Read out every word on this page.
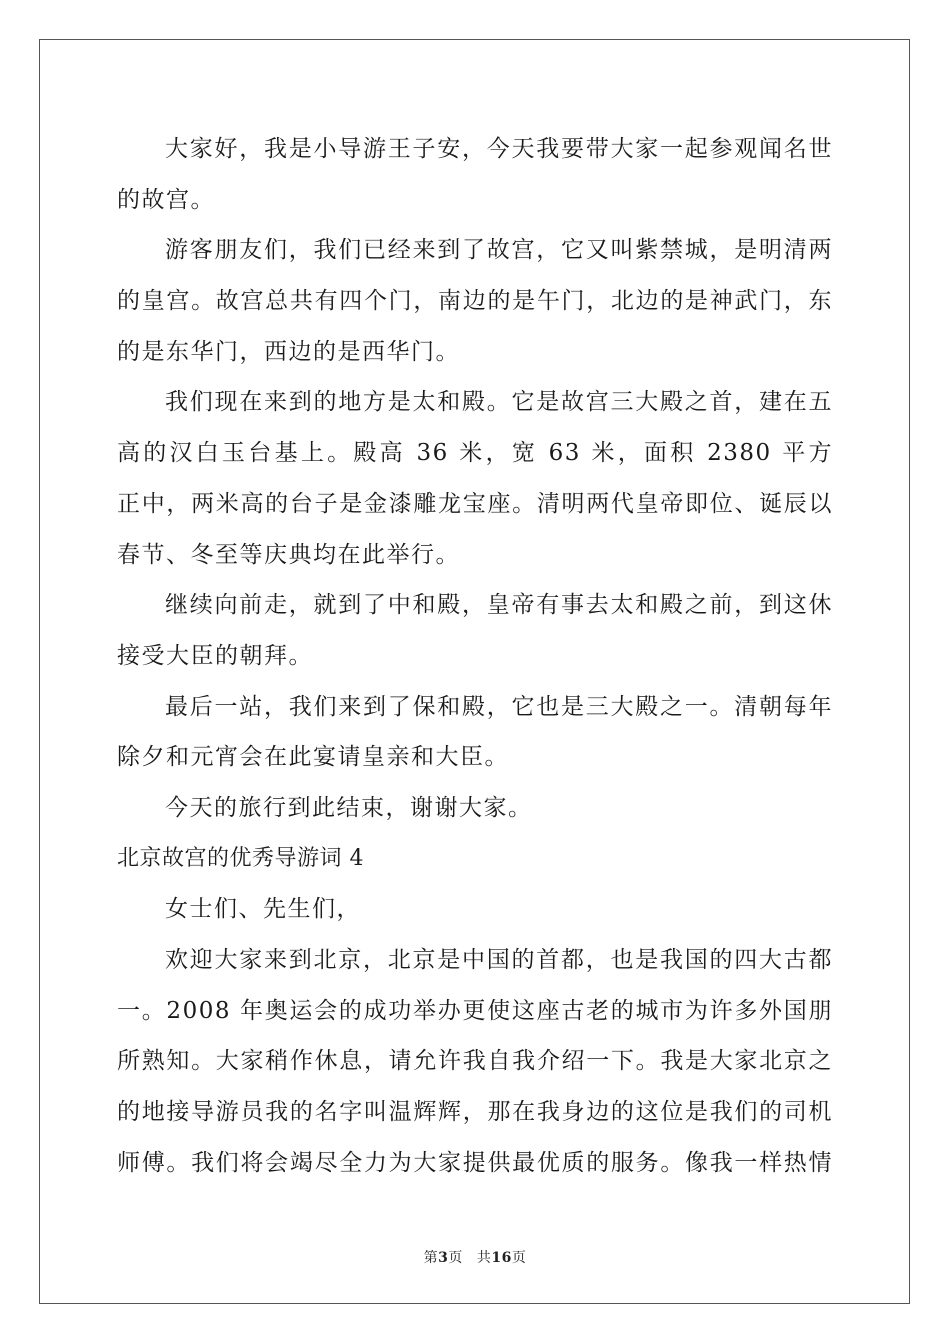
大家好，我是小导游王子安，今天我要带大家一起参观闻名世
的故宫。
游客朋友们，我们已经来到了故宫，它又叫紫禁城，是明清两
的皇宫。故宫总共有四个门，南边的是午门，北边的是神武门，东
的是东华门，西边的是西华门。
我们现在来到的地方是太和殿。它是故宫三大殿之首，建在五
高的汉白玉台基上。殿高 36 米，宽 63 米，面积 2380 平方
正中，两米高的台子是金漆雕龙宝座。清明两代皇帝即位、诞辰以
春节、冬至等庆典均在此举行。
继续向前走，就到了中和殿，皇帝有事去太和殿之前，到这休
接受大臣的朝拜。
最后一站，我们来到了保和殿，它也是三大殿之一。清朝每年
除夕和元宵会在此宴请皇亲和大臣。
今天的旅行到此结束，谢谢大家。
北京故宫的优秀导游词 4
女士们、先生们，
欢迎大家来到北京，北京是中国的首都，也是我国的四大古都
一。2008 年奥运会的成功举办更使这座古老的城市为许多外国朋
所熟知。大家稍作休息，请允许我自我介绍一下。我是大家北京之
的地接导游员我的名字叫温辉辉，那在我身边的这位是我们的司机
师傅。我们将会竭尽全力为大家提供最优质的服务。像我一样热情
第3页 共16页
